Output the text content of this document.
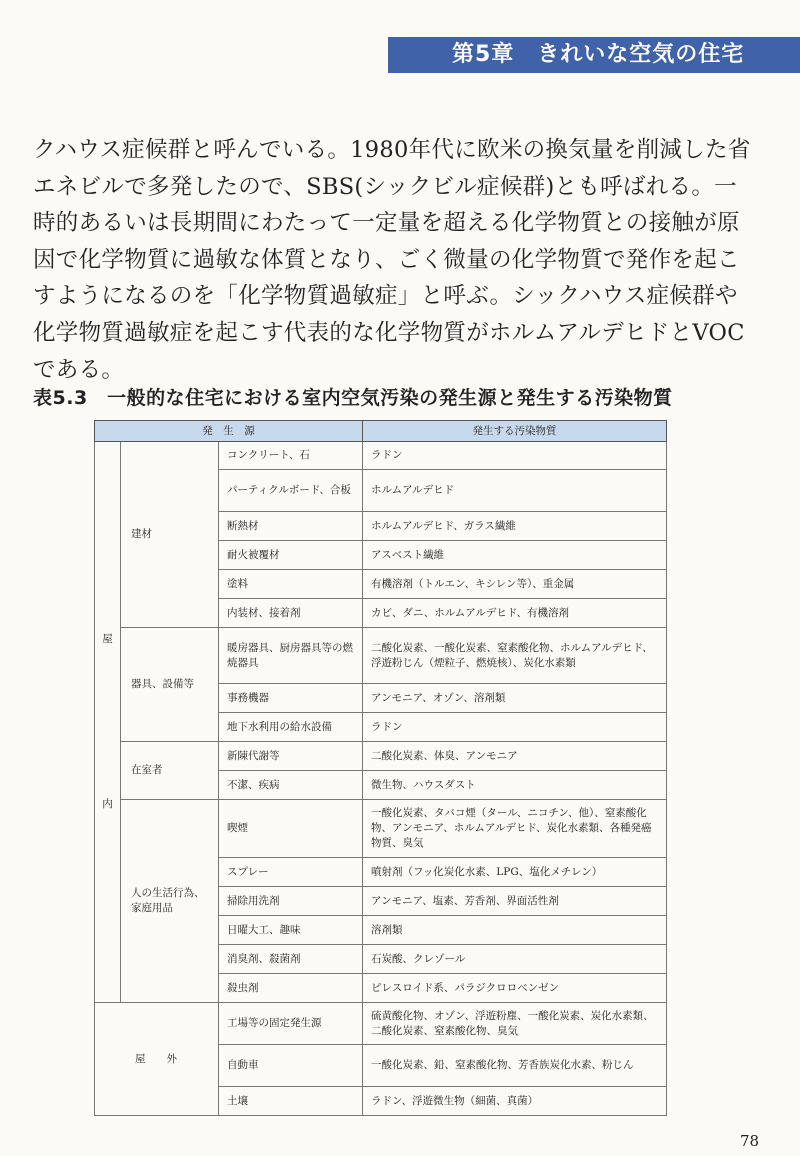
第5章　きれいな空気の住宅
クハウス症候群と呼んでいる。1980年代に欧米の換気量を削減した省
エネビルで多発したので、SBS(シックビル症候群)とも呼ばれる。一
時的あるいは長期間にわたって一定量を超える化学物質との接触が原
因で化学物質に過敏な体質となり、ごく微量の化学物質で発作を起こ
すようになるのを「化学物質過敏症」と呼ぶ。シックハウス症候群や
化学物質過敏症を起こす代表的な化学物質がホルムアルデヒドとVOC
である。
表5.3　一般的な住宅における室内空気汚染の発生源と発生する汚染物質
発　生　源			発生する汚染物質

屋
内	建材	コンクリート、石	ラドン
		パーティクルボード、合板	ホルムアルデヒド
		断熱材	ホルムアルデヒド、ガラス繊維
		耐火被覆材	アスベスト繊維
		塗料	有機溶剤（トルエン、キシレン等）、重金属
		内装材、接着剤	カビ、ダニ、ホルムアルデヒド、有機溶剤
	器具、設備等	暖房器具、厨房器具等の燃焼器具	二酸化炭素、一酸化炭素、窒素酸化物、ホルムアルデヒド、浮遊粉じん（煙粒子、燃焼核）、炭化水素類
		事務機器	アンモニア、オゾン、溶剤類
		地下水利用の給水設備	ラドン
	在室者	新陳代謝等	二酸化炭素、体臭、アンモニア
		不潔、疾病	微生物、ハウスダスト
	人の生活行為、家庭用品	喫煙	一酸化炭素、タバコ煙（タール、ニコチン、他）、窒素酸化物、アンモニア、ホルムアルデヒド、炭化水素類、各種発癌物質、臭気
		スプレー	噴射剤（フッ化炭化水素、LPG、塩化メチレン）
		掃除用洗剤	アンモニア、塩素、芳香剤、界面活性剤
		日曜大工、趣味	溶剤類
		消臭剤、殺菌剤	石炭酸、クレゾール
		殺虫剤	ピレスロイド系、パラジクロロベンゼン
屋　　外		工場等の固定発生源	硫黄酸化物、オゾン、浮遊粉塵、一酸化炭素、炭化水素類、二酸化炭素、窒素酸化物、臭気
		自動車	一酸化炭素、鉛、窒素酸化物、芳香族炭化水素、粉じん
		土壌	ラドン、浮遊微生物（細菌、真菌）
78
